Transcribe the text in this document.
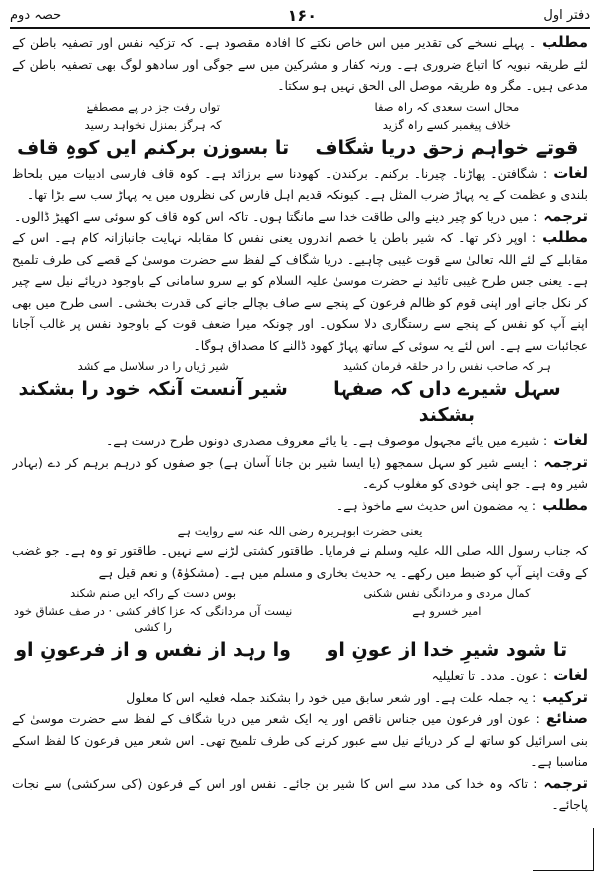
دفتر اول
۱۶۰
حصہ دوم

مطلب۔ پہلے نسخے کی تقدیر میں اس خاص نکتے کا افادہ مقصود ہے۔ کہ تزکیہ نفس اور تصفیہ باطن کے لئے طریقہ نبویہ کا اتباع ضروری ہے۔ ورنہ کفار و مشرکین میں سے جوگی اور سادھو لوگ بھی تصفیہ باطن کے مدعی ہیں۔ مگر وہ طریقہ موصل الی الحق نہیں ہو سکتا۔

محال است سعدی کہ راہ صفا
تواں رفت جز در پے مصطفےٰ
خلاف پیغمبر کسے راہ گزید
کہ ہرگز بمنزل نخواہد رسید
قوتے خواہم زحق دریا شگاف
تا بسوزن برکنم ایں کوہِ قاف

لغات: شگافتن۔ پھاڑنا۔ چیرنا۔ برکنم۔ برکندن۔ کھودنا سے برزائد ہے۔ کوہ قاف فارسی ادبیات میں بلحاظ بلندی و عظمت کے یہ پہاڑ ضرب المثل ہے۔ کیونکہ قدیم اہل فارس کی نظروں میں یہ پہاڑ سب سے بڑا تھا۔

ترجمہ: میں دریا کو چیر دینے والی طاقت خدا سے مانگتا ہوں۔ تاکہ اس کوہ قاف کو سوئی سے اکھیڑ ڈالوں۔

مطلب: اوپر ذکر تھا۔ کہ شیر باطن یا خصم اندروں یعنی نفس کا مقابلہ نہایت جانبازانہ کام ہے۔ اس کے مقابلے کے لئے اللہ تعالیٰ سے قوت غیبی چاہیے۔ دریا شگاف کے لفظ سے حضرت موسیٰ کے قصے کی طرف تلمیح ہے۔ یعنی جس طرح غیبی تائید نے حضرت موسیٰ علیہ السلام کو بے سرو سامانی کے باوجود دریائے نیل سے چیر کر نکل جانے اور اپنی قوم کو ظالم فرعون کے پنجے سے صاف بچالے جانے کی قدرت بخشی۔ اسی طرح میں بھی اپنے آپ کو نفس کے پنجے سے رستگاری دلا سکوں۔ اور چونکہ میرا ضعف قوت کے باوجود نفس پر غالب آجانا عجائبات سے ہے۔ اس لئے یہ سوئی کے ساتھ پہاڑ کھود ڈالنے کا مصداق ہوگا۔

ہر کہ صاحب نفس را در حلقہ فرمان کشید
شیر ژیاں را در سلاسل مے کشد
سہل شیرے داں کہ صفہا بشکند
شیر آنست آنکہ خود را بشکند

لغات: شیرے میں یائے مجہول موصوف ہے۔ یا یائے معروف مصدری دونوں طرح درست ہے۔

ترجمہ: ایسے شیر کو سہل سمجھو (یا ایسا شیر بن جانا آسان ہے) جو صفوں کو درہم برہم کر دے (بہادر شیر وہ ہے۔ جو اپنی خودی کو مغلوب کرے۔

مطلب: یہ مضمون اس حدیث سے ماخوذ ہے۔

یعنی حضرت ابوہریرہ رضی اللہ عنہ سے روایت ہے

کہ جناب رسول اللہ صلی اللہ علیہ وسلم نے فرمایا۔ طاقتور کشتی لڑنے سے نہیں۔ طاقتور تو وہ ہے۔ جو غضب کے وقت اپنے آپ کو ضبط میں رکھے۔ یہ حدیث بخاری و مسلم میں ہے۔ (مشکوٰۃ) و نعم قیل ہے

کمال مردی و مردانگی نفس شکنی
بوس دست کے راکہ ایں صنم شکند
امیر خسرو ہے
نیست آں مردانگی کہ عزا کافر کشی · در صف عشاق خود را کشی
تا شود شیرِ خدا از عونِ او
وا رہد از نفس و از فرعونِ او

لغات: عون۔ مدد۔ تا تعلیلیہ

ترکیب: یہ جملہ علت ہے۔ اور شعر سابق میں خود را بشکند جملہ فعلیہ اس کا معلول

صنائع: عون اور فرعون میں جناس ناقص اور یہ ایک شعر میں دریا شگاف کے لفظ سے حضرت موسیٰ کے بنی اسرائیل کو ساتھ لے کر دریائے نیل سے عبور کرنے کی طرف تلمیح تھی۔ اس شعر میں فرعون کا لفظ اسکے مناسبا ہے۔

ترجمہ: تاکہ وہ خدا کی مدد سے اس کا شیر بن جائے۔ نفس اور اس کے فرعون (کی سرکشی) سے نجات پاجائے۔
